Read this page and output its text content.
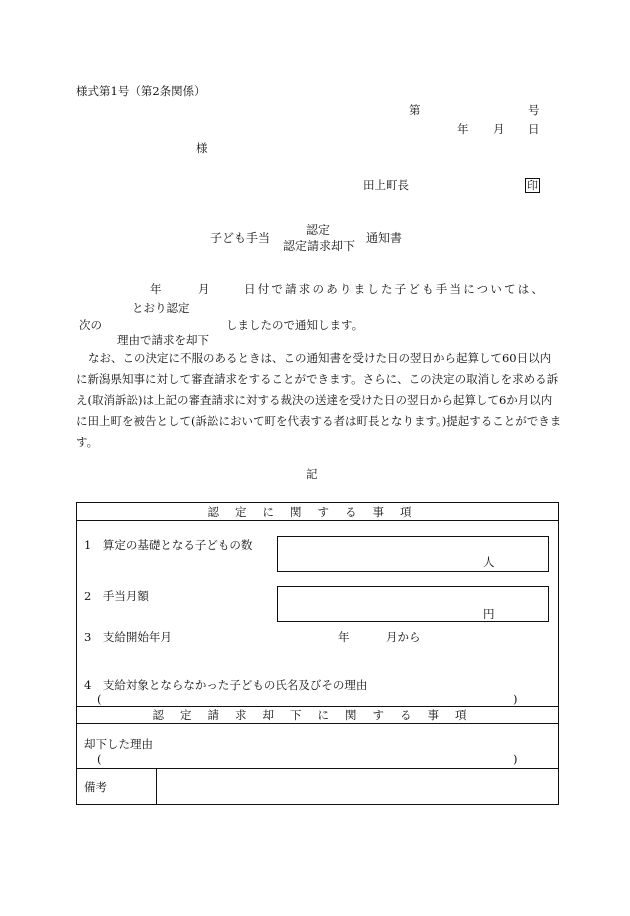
様式第1号（第2条関係）
第	号
年 月 日
様
田上町長	印
子ども手当
認定
認定請求却下
通知書
年	月	日付で請求のありました子ども手当については、
とおり認定
次の	しましたので通知します。
理由で請求を却下
なお、この決定に不服のあるときは、この通知書を受けた日の翌日から起算して60日以内に新潟県知事に対して審査請求をすることができます。さらに、この決定の取消しを求める訴え(取消訴訟)は上記の審査請求に対する裁決の送達を受けた日の翌日から起算して6か月以内に田上町を被告として(訴訟において町を代表する者は町長となります。)提起することができます。
記
認定に関する事項
1　算定の基礎となる子どもの数
人
2　手当月額
円
3　支給開始年月	年	月から
4　支給対象とならなかった子どもの氏名及びその理由
(	)
認定請求却下に関する事項
却下した理由
(	)
備考
